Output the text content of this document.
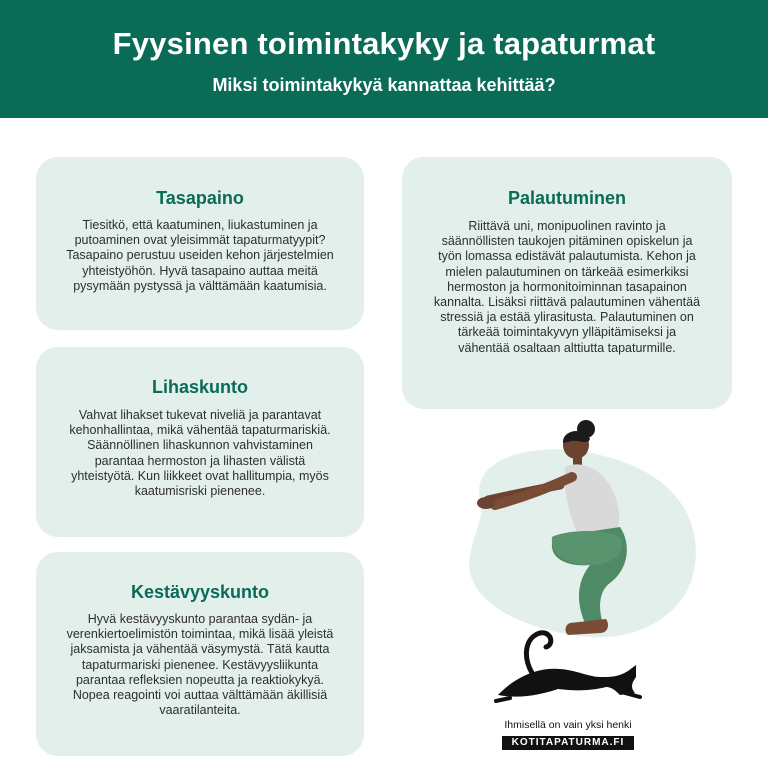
Fyysinen toimintakyky ja tapaturmat
Miksi toimintakykyä kannattaa kehittää?
Tasapaino

Tiesitkö, että kaatuminen, liukastuminen ja putoaminen ovat yleisimmät tapaturmatyypit? Tasapaino perustuu useiden kehon järjestelmien yhteistyöhön. Hyvä tasapaino auttaa meitä pysymään pystyssä ja välttämään kaatumisia.

Lihaskunto

Vahvat lihakset tukevat niveliä ja parantavat kehonhallintaa, mikä vähentää tapaturmariskiä. Säännöllinen lihaskunnon vahvistaminen parantaa hermoston ja lihasten välistä yhteistyötä. Kun liikkeet ovat hallitumpia, myös kaatumisriski pienenee.

Kestävyyskunto

Hyvä kestävyyskunto parantaa sydän- ja verenkiertoelimistön toimintaa, mikä lisää yleistä jaksamista ja vähentää väsymystä. Tätä kautta tapaturmariski pienenee. Kestävyysliikunta parantaa refleksien nopeutta ja reaktiokykyä. Nopea reagointi voi auttaa välttämään äkillisiä vaaratilanteita.

Palautuminen

Riittävä uni, monipuolinen ravinto ja säännöllisten taukojen pitäminen opiskelun ja työn lomassa edistävät palautumista. Kehon ja mielen palautuminen on tärkeää esimerkiksi hermoston ja hormonitoiminnan tasapainon kannalta. Lisäksi riittävä palautuminen vähentää stressiä ja estää ylirasitusta. Palautuminen on tärkeää toimintakyvyn ylläpitämiseksi ja vähentää osaltaan alttiutta tapaturmille.

Ihmisellä on vain yksi henki
KOTITAPATURMA.FI
